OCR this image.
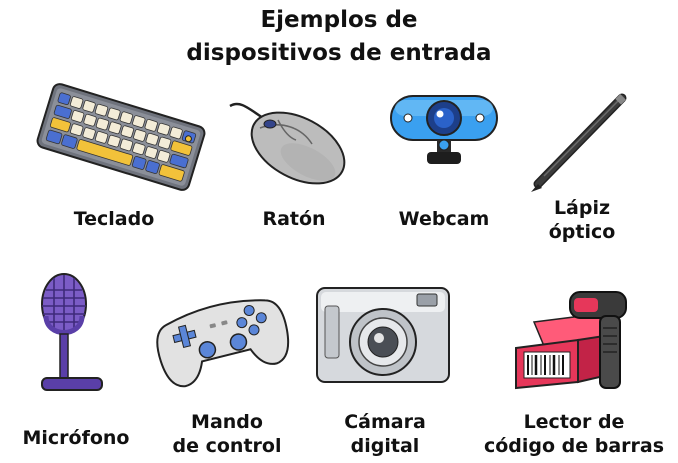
Ejemplos de
dispositivos de entrada
Teclado	Ratón	Webcam	Lápiz
óptico
Micrófono
Mando
de control
Cámara
digital
Lector de
código de barras
